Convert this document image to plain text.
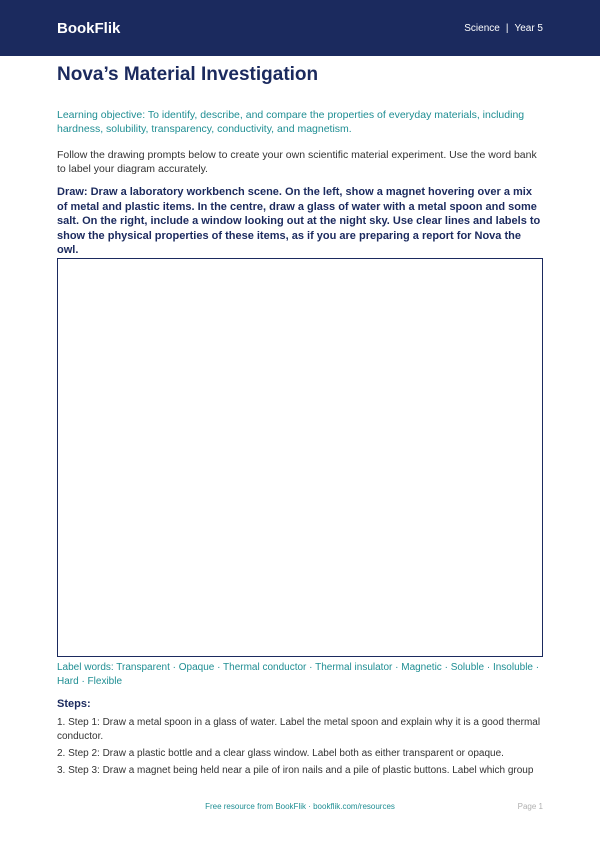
BookFlik	Science | Year 5
Nova’s Material Investigation

Learning objective: To identify, describe, and compare the properties of everyday materials, including hardness, solubility, transparency, conductivity, and magnetism.

Follow the drawing prompts below to create your own scientific material experiment. Use the word bank to label your diagram accurately.

Draw: Draw a laboratory workbench scene. On the left, show a magnet hovering over a mix of metal and plastic items. In the centre, draw a glass of water with a metal spoon and some salt. On the right, include a window looking out at the night sky. Use clear lines and labels to show the physical properties of these items, as if you are preparing a report for Nova the owl.

Label words: Transparent · Opaque · Thermal conductor · Thermal insulator · Magnetic · Soluble · Insoluble · Hard · Flexible
Steps:
1. Step 1: Draw a metal spoon in a glass of water. Label the metal spoon and explain why it is a good thermal conductor.
2. Step 2: Draw a plastic bottle and a clear glass window. Label both as either transparent or opaque.
3. Step 3: Draw a magnet being held near a pile of iron nails and a pile of plastic buttons. Label which group
Free resource from BookFlik · bookflik.com/resources	Page 1
